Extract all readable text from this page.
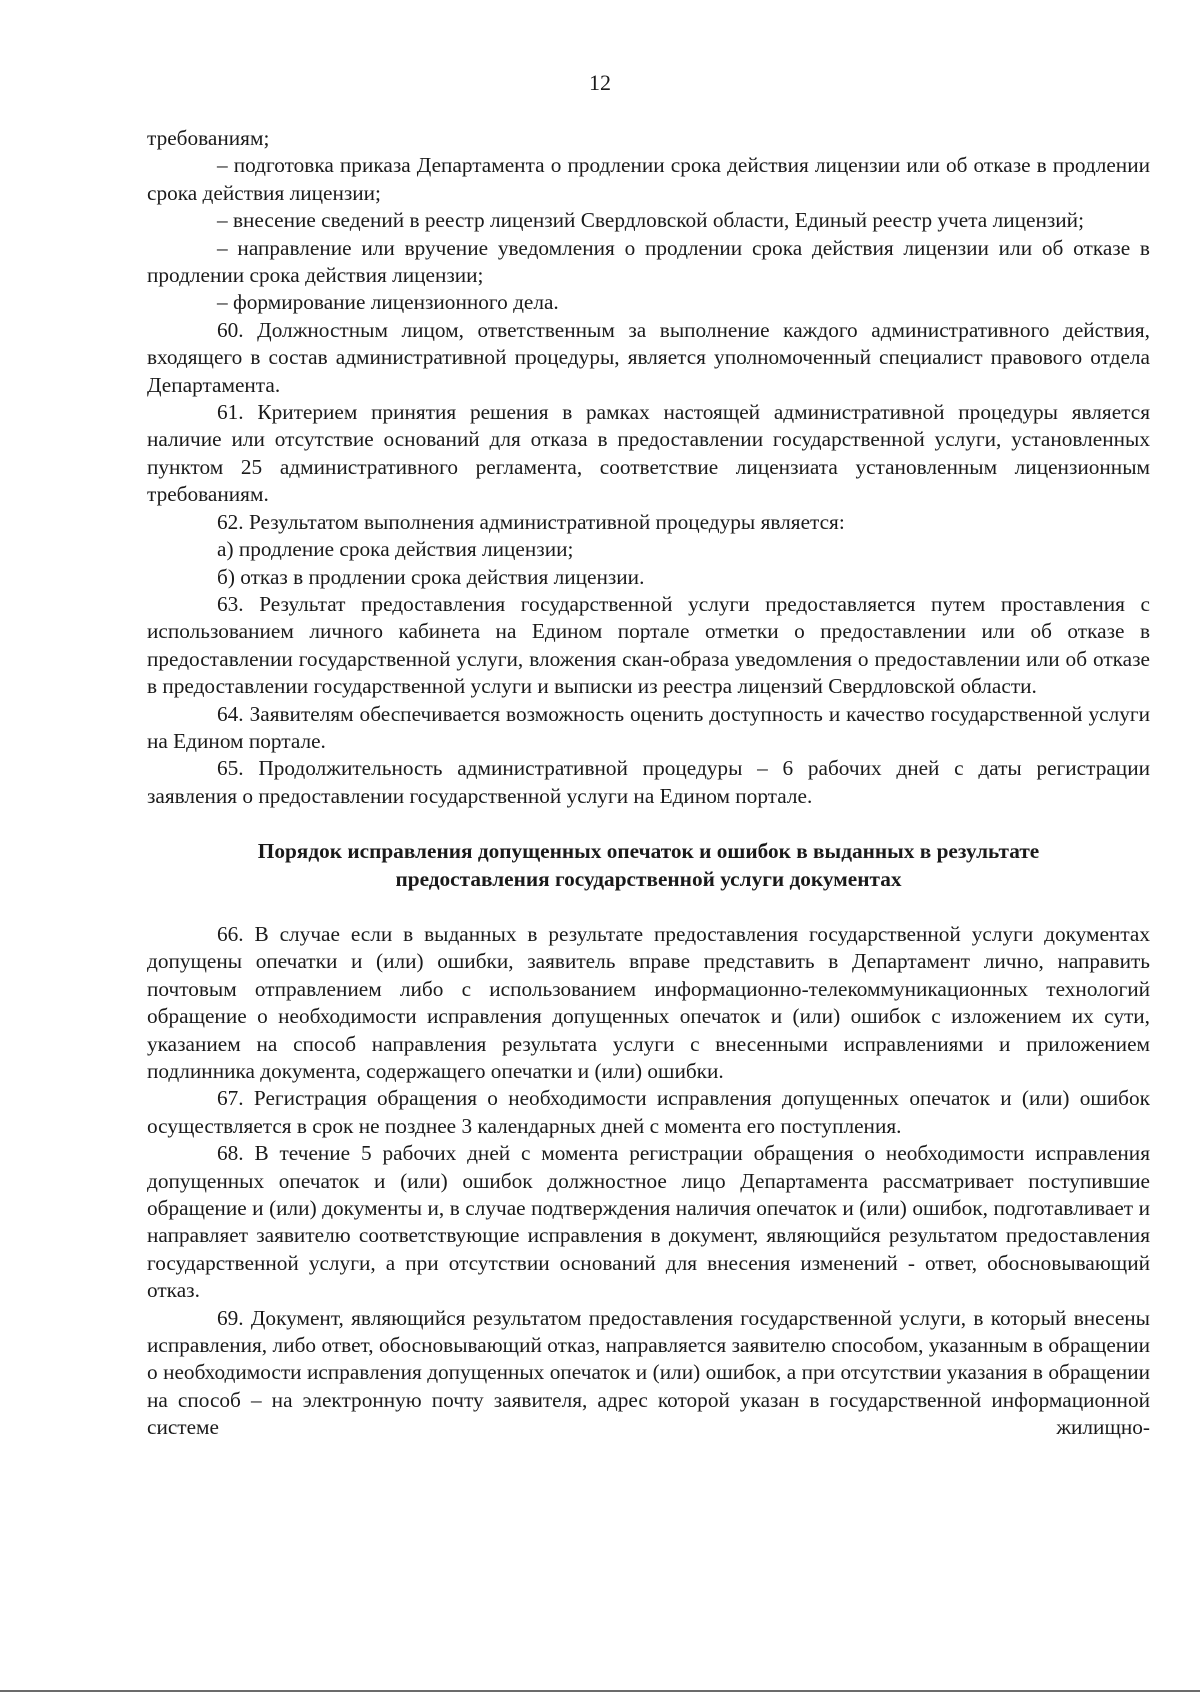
12

требованиям;

– подготовка приказа Департамента о продлении срока действия лицензии или об отказе в продлении срока действия лицензии;

– внесение сведений в реестр лицензий Свердловской области, Единый реестр учета лицензий;

– направление или вручение уведомления о продлении срока действия лицензии или об отказе в продлении срока действия лицензии;

– формирование лицензионного дела.

60. Должностным лицом, ответственным за выполнение каждого административного действия, входящего в состав административной процедуры, является уполномоченный специалист правового отдела Департамента.

61. Критерием принятия решения в рамках настоящей административной процедуры является наличие или отсутствие оснований для отказа в предоставлении государственной услуги, установленных пунктом 25 административного регламента, соответствие лицензиата установленным лицензионным требованиям.

62. Результатом выполнения административной процедуры является:

а) продление срока действия лицензии;

б) отказ в продлении срока действия лицензии.

63. Результат предоставления государственной услуги предоставляется путем проставления с использованием личного кабинета на Едином портале отметки о предоставлении или об отказе в предоставлении государственной услуги, вложения скан-образа уведомления о предоставлении или об отказе в предоставлении государственной услуги и выписки из реестра лицензий Свердловской области.

64. Заявителям обеспечивается возможность оценить доступность и качество государственной услуги на Едином портале.

65. Продолжительность административной процедуры – 6 рабочих дней с даты регистрации заявления о предоставлении государственной услуги на Едином портале.

Порядок исправления допущенных опечаток и ошибок в выданных в результате
предоставления государственной услуги документах

66. В случае если в выданных в результате предоставления государственной услуги документах допущены опечатки и (или) ошибки, заявитель вправе представить в Департамент лично, направить почтовым отправлением либо с использованием информационно-телекоммуникационных технологий обращение о необходимости исправления допущенных опечаток и (или) ошибок с изложением их сути, указанием на способ направления результата услуги с внесенными исправлениями и приложением подлинника документа, содержащего опечатки и (или) ошибки.

67. Регистрация обращения о необходимости исправления допущенных опечаток и (или) ошибок осуществляется в срок не позднее 3 календарных дней с момента его поступления.

68. В течение 5 рабочих дней с момента регистрации обращения о необходимости исправления допущенных опечаток и (или) ошибок должностное лицо Департамента рассматривает поступившие обращение и (или) документы и, в случае подтверждения наличия опечаток и (или) ошибок, подготавливает и направляет заявителю соответствующие исправления в документ, являющийся результатом предоставления государственной услуги, а при отсутствии оснований для внесения изменений - ответ, обосновывающий отказ.

69. Документ, являющийся результатом предоставления государственной услуги, в который внесены исправления, либо ответ, обосновывающий отказ, направляется заявителю способом, указанным в обращении о необходимости исправления допущенных опечаток и (или) ошибок, а при отсутствии указания в обращении на способ – на электронную почту заявителя, адрес которой указан в государственной информационной системе жилищно-
